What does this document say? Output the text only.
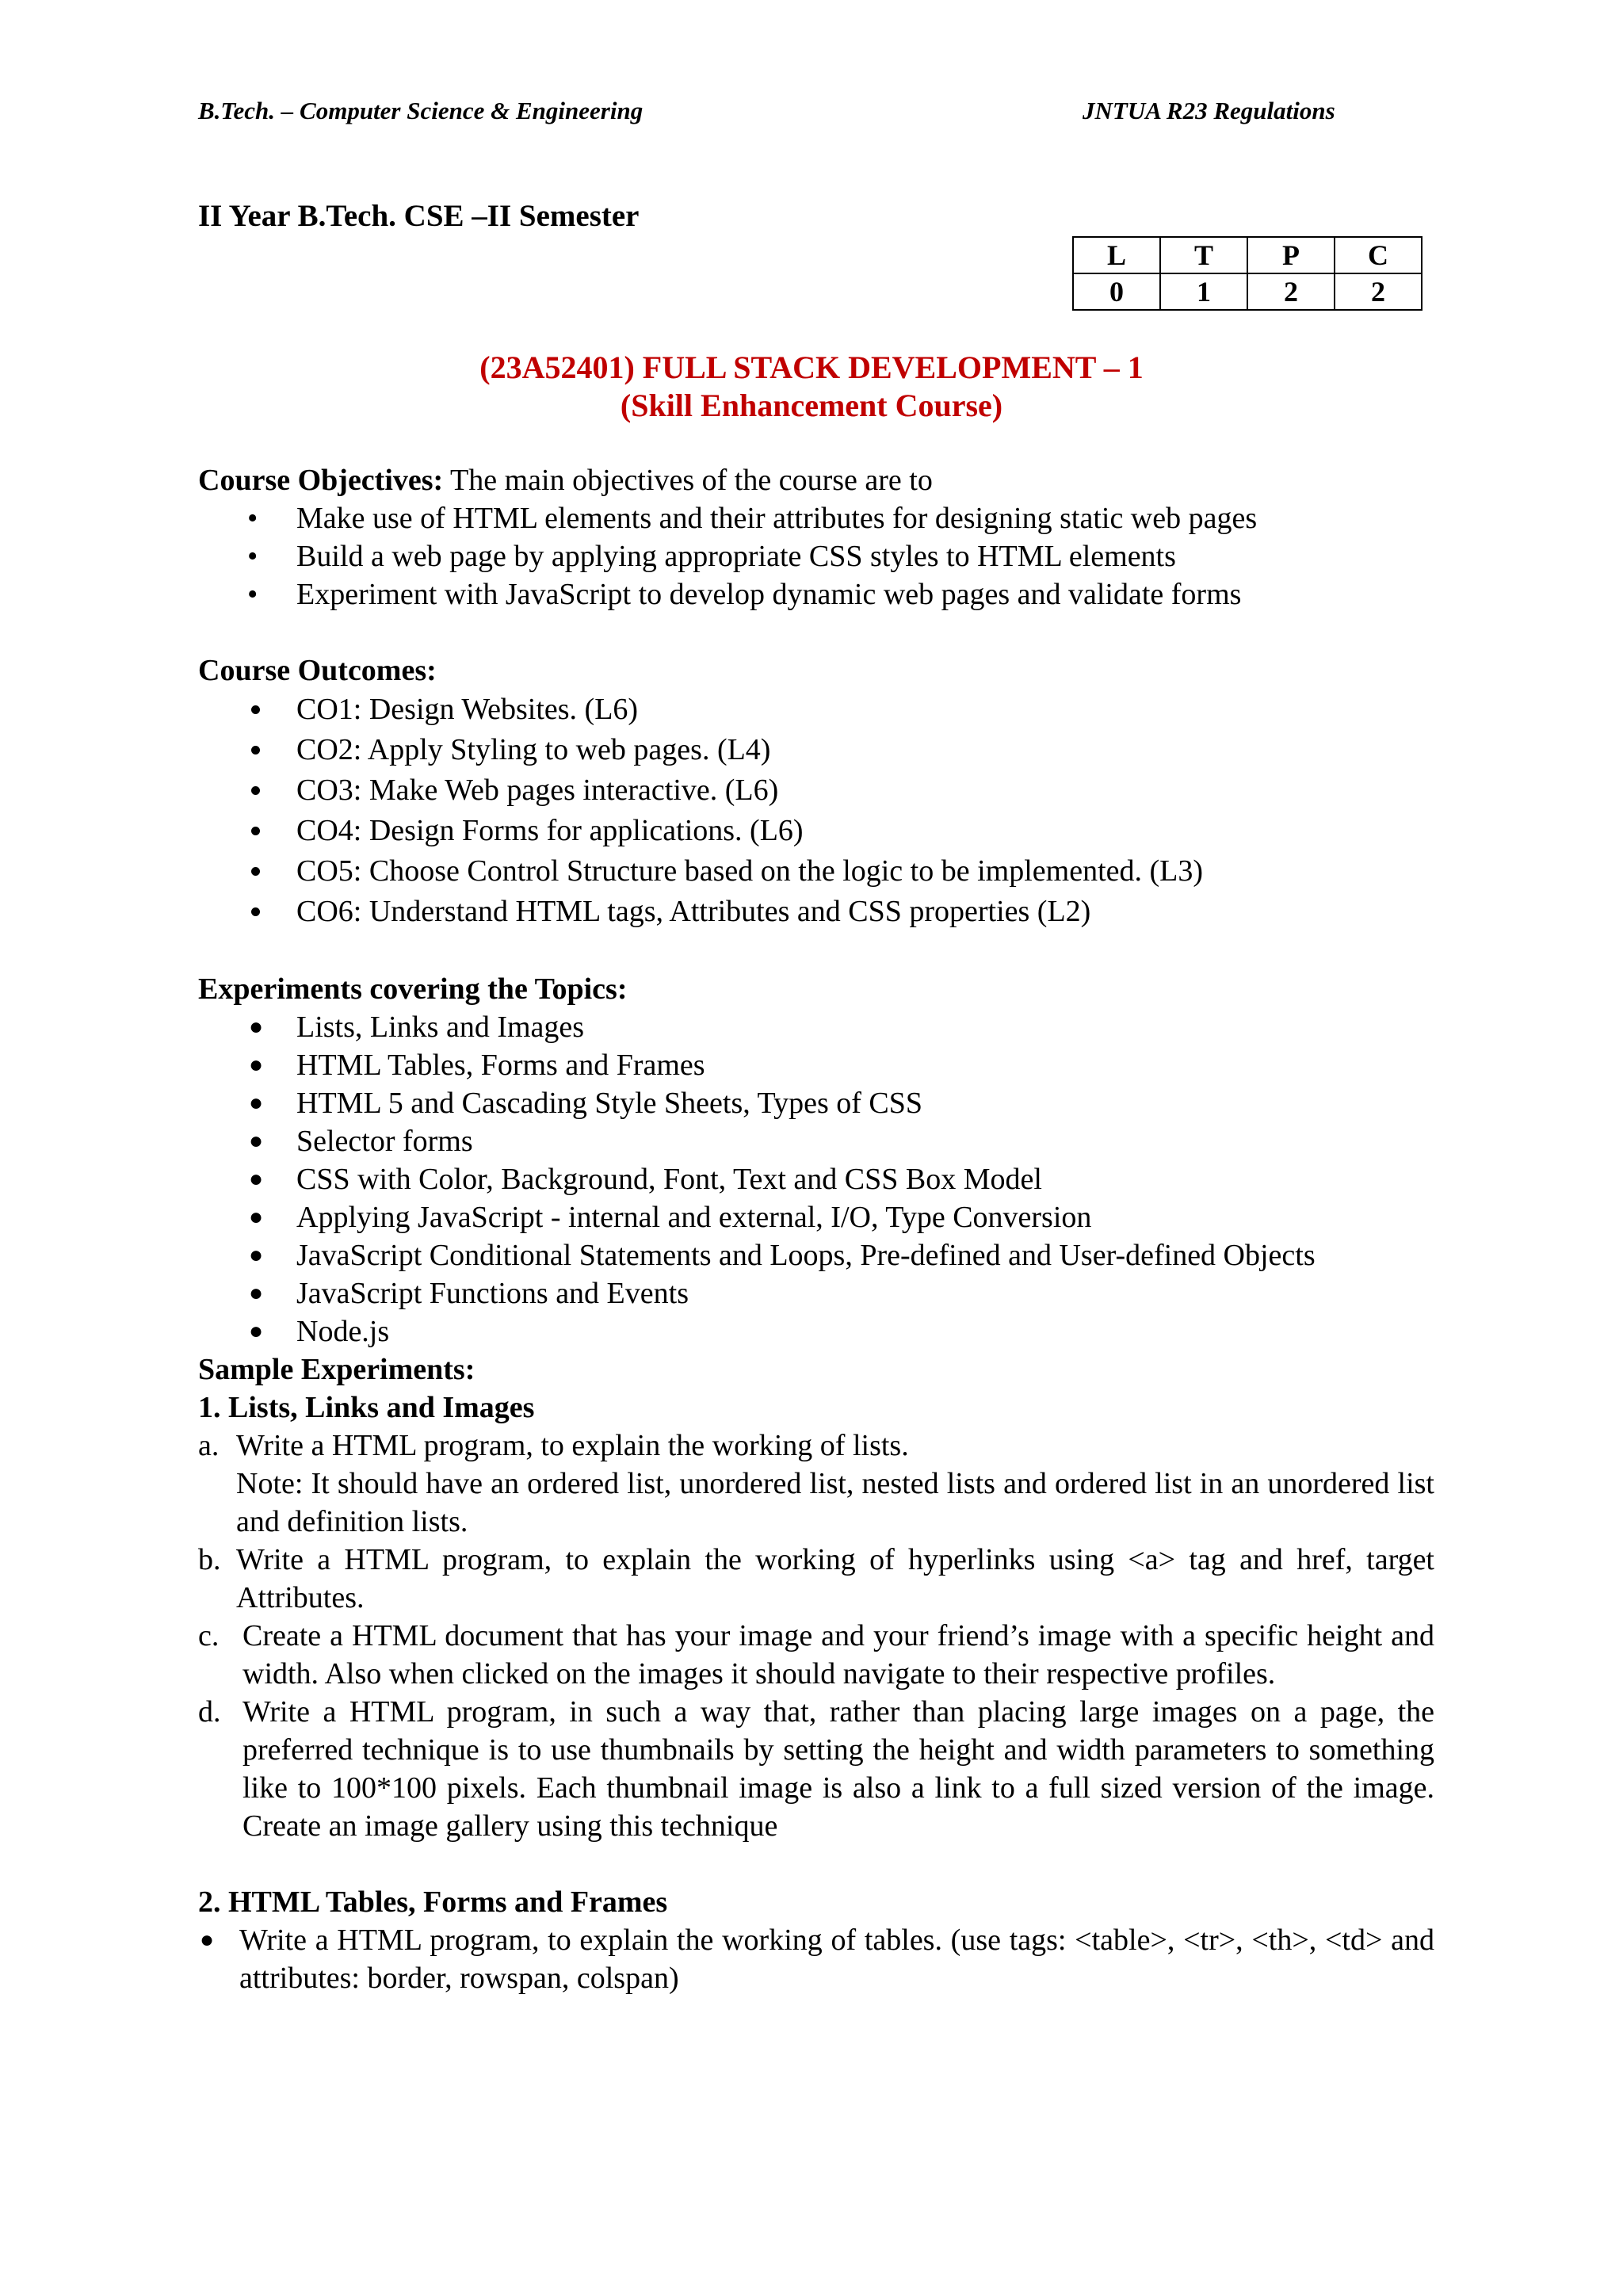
B.Tech. – Computer Science & Engineering	JNTUA R23 Regulations
II Year B.Tech. CSE –II Semester
L	T	P	C
0	1	2	2
(23A52401) FULL STACK DEVELOPMENT – 1
(Skill Enhancement Course)

Course Objectives: The main objectives of the course are to

• Make use of HTML elements and their attributes for designing static web pages
• Build a web page by applying appropriate CSS styles to HTML elements
• Experiment with JavaScript to develop dynamic web pages and validate forms

Course Outcomes:

CO1: Design Websites. (L6)
CO2: Apply Styling to web pages. (L4)
CO3: Make Web pages interactive. (L6)
CO4: Design Forms for applications. (L6)
CO5: Choose Control Structure based on the logic to be implemented. (L3)
CO6: Understand HTML tags, Attributes and CSS properties (L2)

Experiments covering the Topics:

● Lists, Links and Images
● HTML Tables, Forms and Frames
● HTML 5 and Cascading Style Sheets, Types of CSS
● Selector forms
● CSS with Color, Background, Font, Text and CSS Box Model
● Applying JavaScript - internal and external, I/O, Type Conversion
● JavaScript Conditional Statements and Loops, Pre-defined and User-defined Objects
● JavaScript Functions and Events
● Node.js

Sample Experiments:

1. Lists, Links and Images

a. Write a HTML program, to explain the working of lists.
Note: It should have an ordered list, unordered list, nested lists and ordered list in an unordered list and definition lists.
b. Write a HTML program, to explain the working of hyperlinks using <a> tag and href, target Attributes.
c. Create a HTML document that has your image and your friend’s image with a specific height and width. Also when clicked on the images it should navigate to their respective profiles.
d. Write a HTML program, in such a way that, rather than placing large images on a page, the preferred technique is to use thumbnails by setting the height and width parameters to something like to 100*100 pixels. Each thumbnail image is also a link to a full sized version of the image. Create an image gallery using this technique

2. HTML Tables, Forms and Frames

● Write a HTML program, to explain the working of tables. (use tags: <table>, <tr>, <th>, <td> and attributes: border, rowspan, colspan)
